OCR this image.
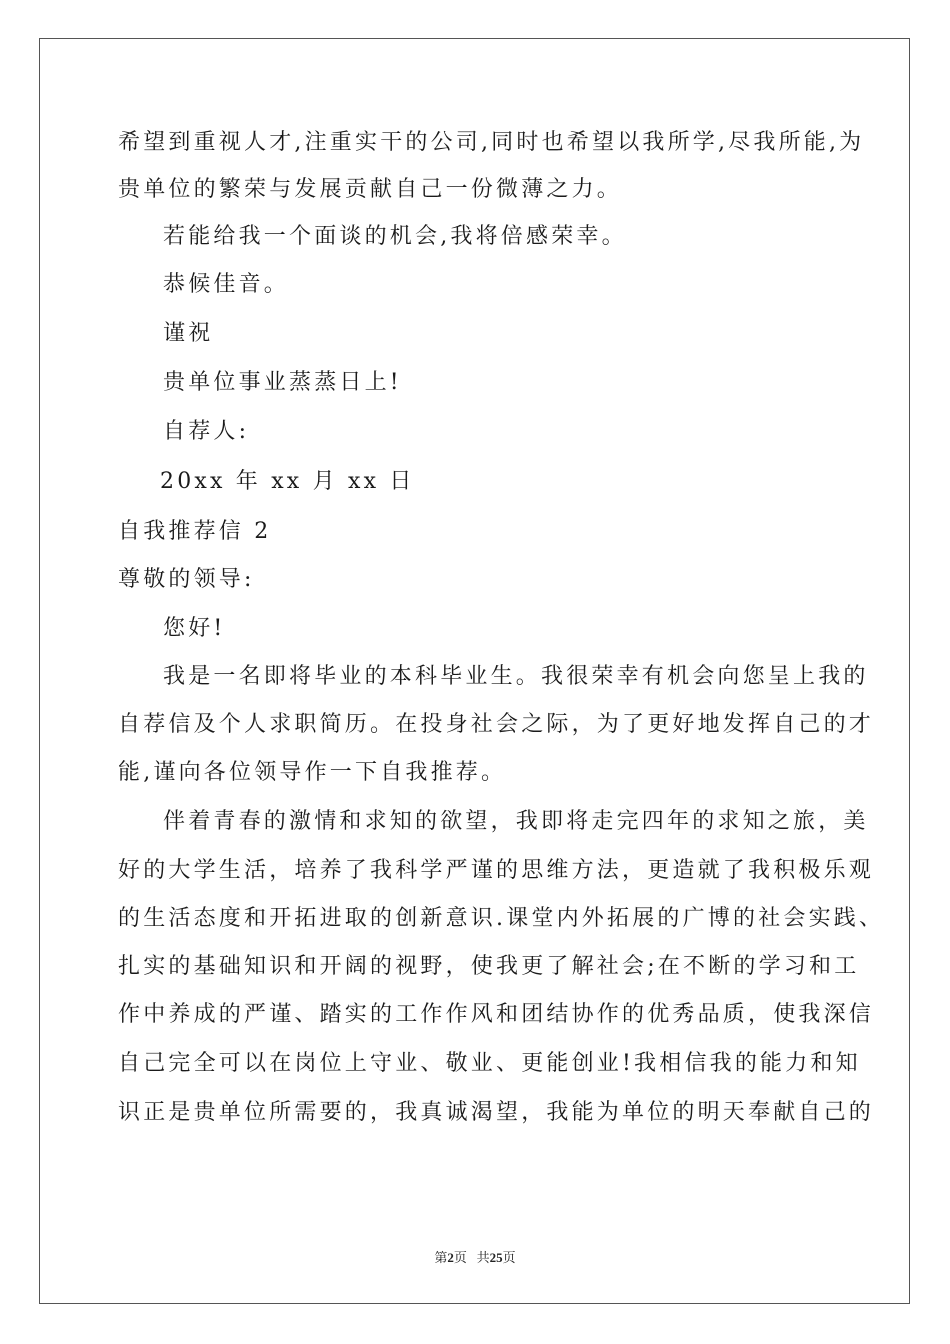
希望到重视人才,注重实干的公司,同时也希望以我所学,尽我所能,为
贵单位的繁荣与发展贡献自己一份微薄之力。
若能给我一个面谈的机会,我将倍感荣幸。
恭候佳音。
谨祝
贵单位事业蒸蒸日上!
自荐人:
20xx 年 xx 月 xx 日
自我推荐信 2
尊敬的领导:
您好!
我是一名即将毕业的本科毕业生。我很荣幸有机会向您呈上我的
自荐信及个人求职简历。在投身社会之际，为了更好地发挥自己的才
能,谨向各位领导作一下自我推荐。
伴着青春的激情和求知的欲望，我即将走完四年的求知之旅，美
好的大学生活，培养了我科学严谨的思维方法，更造就了我积极乐观
的生活态度和开拓进取的创新意识.课堂内外拓展的广博的社会实践、
扎实的基础知识和开阔的视野，使我更了解社会;在不断的学习和工
作中养成的严谨、踏实的工作作风和团结协作的优秀品质，使我深信
自己完全可以在岗位上守业、敬业、更能创业!我相信我的能力和知
识正是贵单位所需要的，我真诚渴望，我能为单位的明天奉献自己的
第2页 共25页
